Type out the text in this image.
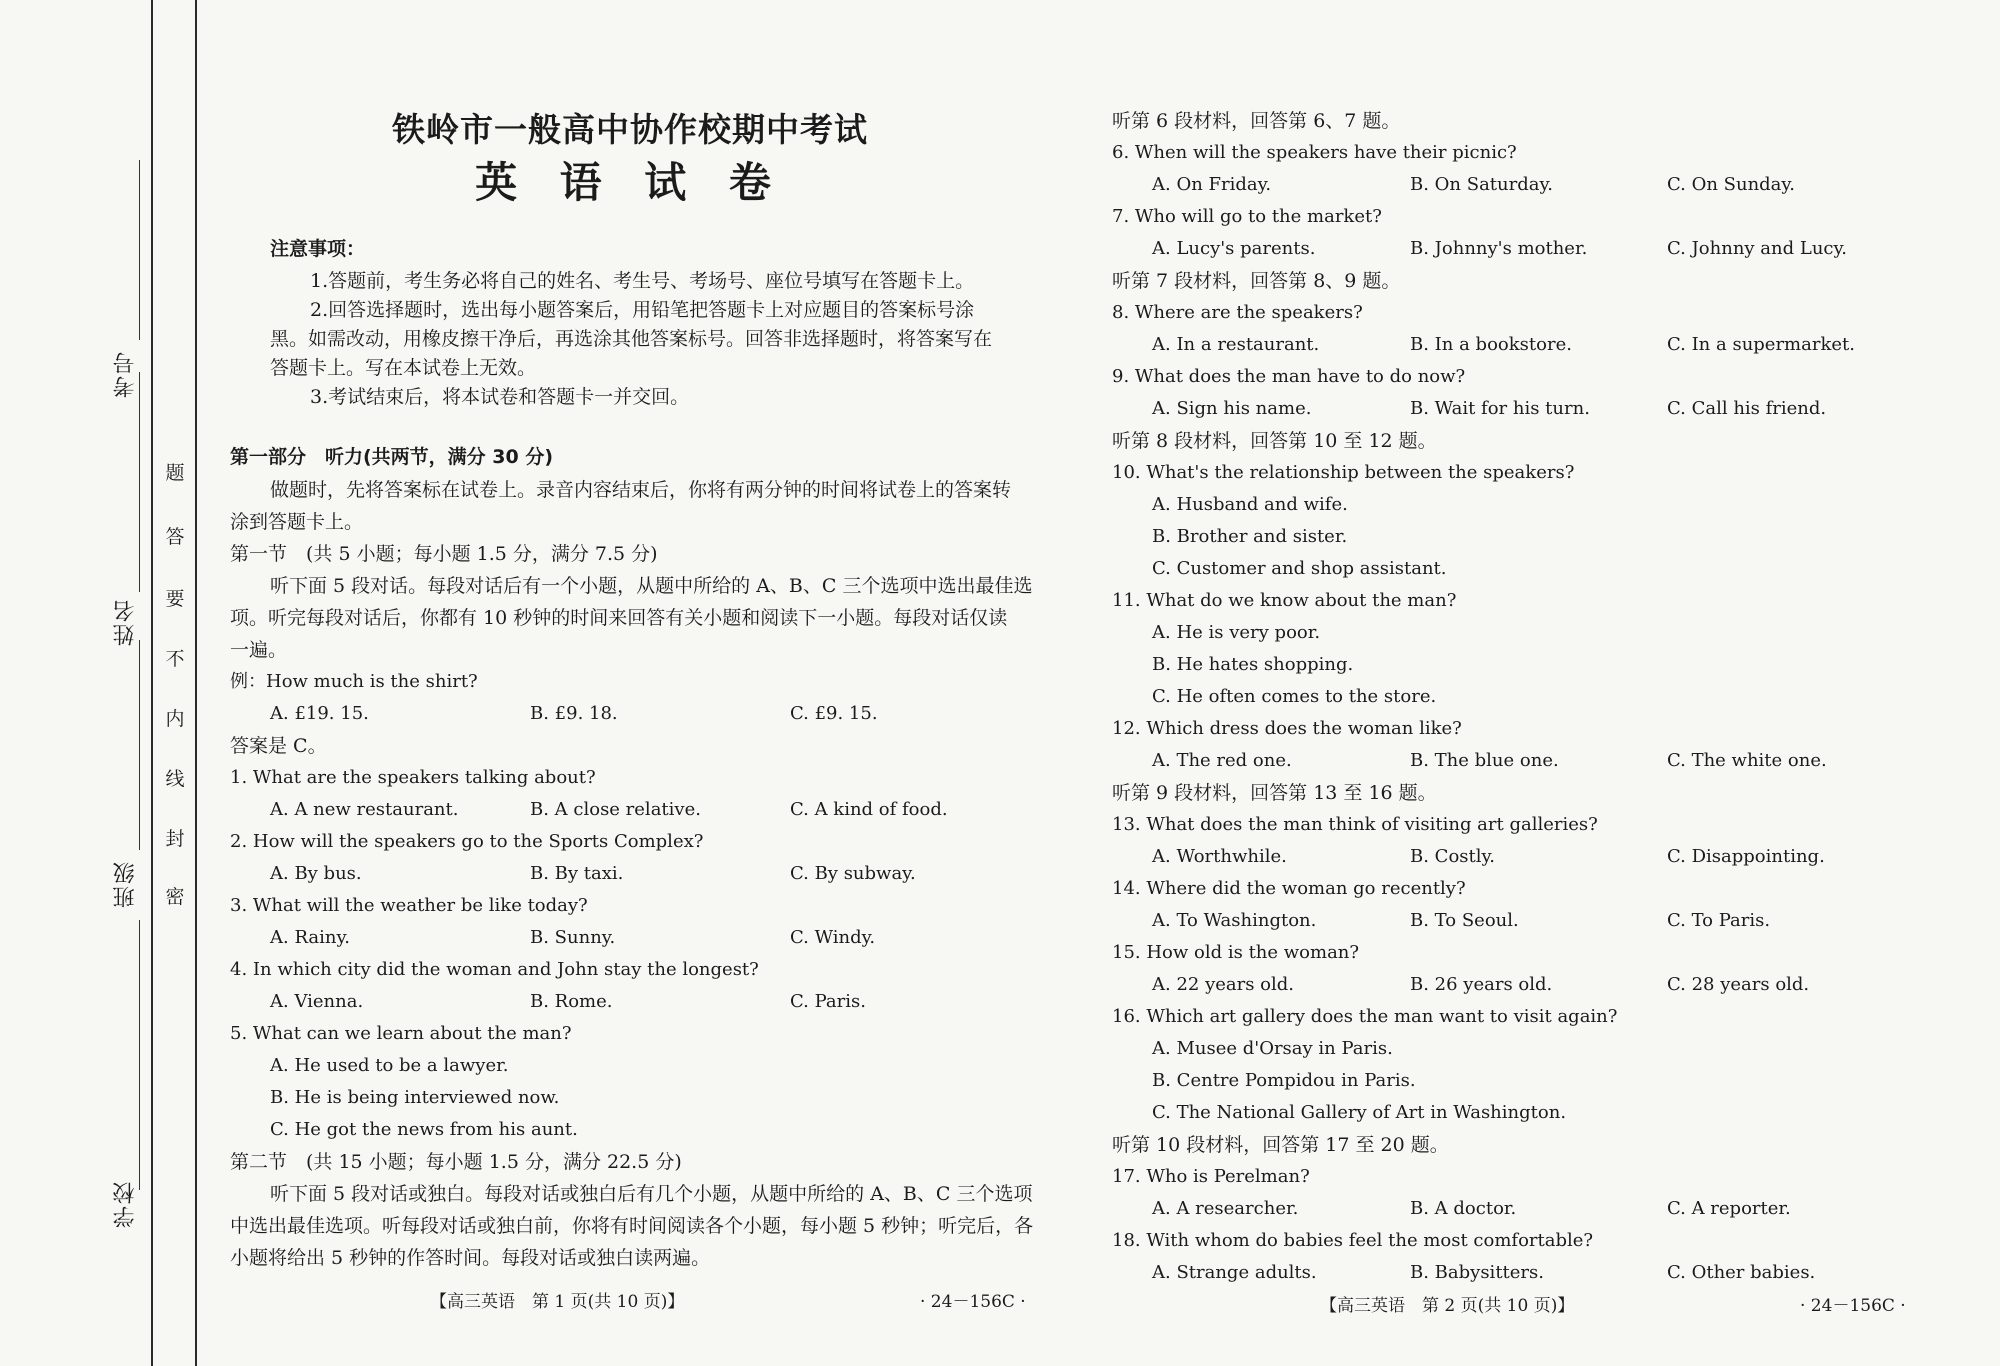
考号
姓名
班级
学校
密
封
线
内
不
要
答
题
铁岭市一般高中协作校期中考试
英 语 试 卷
注意事项：
1.答题前，考生务必将自己的姓名、考生号、考场号、座位号填写在答题卡上。
2.回答选择题时，选出每小题答案后，用铅笔把答题卡上对应题目的答案标号涂
黑。如需改动，用橡皮擦干净后，再选涂其他答案标号。回答非选择题时，将答案写在
答题卡上。写在本试卷上无效。
3.考试结束后，将本试卷和答题卡一并交回。
第一部分　听力(共两节，满分 30 分)
做题时，先将答案标在试卷上。录音内容结束后，你将有两分钟的时间将试卷上的答案转
涂到答题卡上。
第一节　(共 5 小题；每小题 1.5 分，满分 7.5 分)
听下面 5 段对话。每段对话后有一个小题，从题中所给的 A、B、C 三个选项中选出最佳选
项。听完每段对话后，你都有 10 秒钟的时间来回答有关小题和阅读下一小题。每段对话仅读
一遍。
例：How much is the shirt?
A. £19. 15.	B. £9. 18.	C. £9. 15.
答案是 C。
1. What are the speakers talking about?
A. A new restaurant.	B. A close relative.	C. A kind of food.
2. How will the speakers go to the Sports Complex?
A. By bus.	B. By taxi.	C. By subway.
3. What will the weather be like today?
A. Rainy.	B. Sunny.	C. Windy.
4. In which city did the woman and John stay the longest?
A. Vienna.	B. Rome.	C. Paris.
5. What can we learn about the man?
A. He used to be a lawyer.
B. He is being interviewed now.
C. He got the news from his aunt.
第二节　(共 15 小题；每小题 1.5 分，满分 22.5 分)
听下面 5 段对话或独白。每段对话或独白后有几个小题，从题中所给的 A、B、C 三个选项
中选出最佳选项。听每段对话或独白前，你将有时间阅读各个小题，每小题 5 秒钟；听完后，各
小题将给出 5 秒钟的作答时间。每段对话或独白读两遍。
【高三英语　第 1 页(共 10 页)】	· 24－156C ·
听第 6 段材料，回答第 6、7 题。
6. When will the speakers have their picnic?
A. On Friday.	B. On Saturday.	C. On Sunday.
7. Who will go to the market?
A. Lucy's parents.	B. Johnny's mother.	C. Johnny and Lucy.
听第 7 段材料，回答第 8、9 题。
8. Where are the speakers?
A. In a restaurant.	B. In a bookstore.	C. In a supermarket.
9. What does the man have to do now?
A. Sign his name.	B. Wait for his turn.	C. Call his friend.
听第 8 段材料，回答第 10 至 12 题。
10. What's the relationship between the speakers?
A. Husband and wife.
B. Brother and sister.
C. Customer and shop assistant.
11. What do we know about the man?
A. He is very poor.
B. He hates shopping.
C. He often comes to the store.
12. Which dress does the woman like?
A. The red one.	B. The blue one.	C. The white one.
听第 9 段材料，回答第 13 至 16 题。
13. What does the man think of visiting art galleries?
A. Worthwhile.	B. Costly.	C. Disappointing.
14. Where did the woman go recently?
A. To Washington.	B. To Seoul.	C. To Paris.
15. How old is the woman?
A. 22 years old.	B. 26 years old.	C. 28 years old.
16. Which art gallery does the man want to visit again?
A. Musee d'Orsay in Paris.
B. Centre Pompidou in Paris.
C. The National Gallery of Art in Washington.
听第 10 段材料，回答第 17 至 20 题。
17. Who is Perelman?
A. A researcher.	B. A doctor.	C. A reporter.
18. With whom do babies feel the most comfortable?
A. Strange adults.	B. Babysitters.	C. Other babies.
【高三英语　第 2 页(共 10 页)】	· 24－156C ·
